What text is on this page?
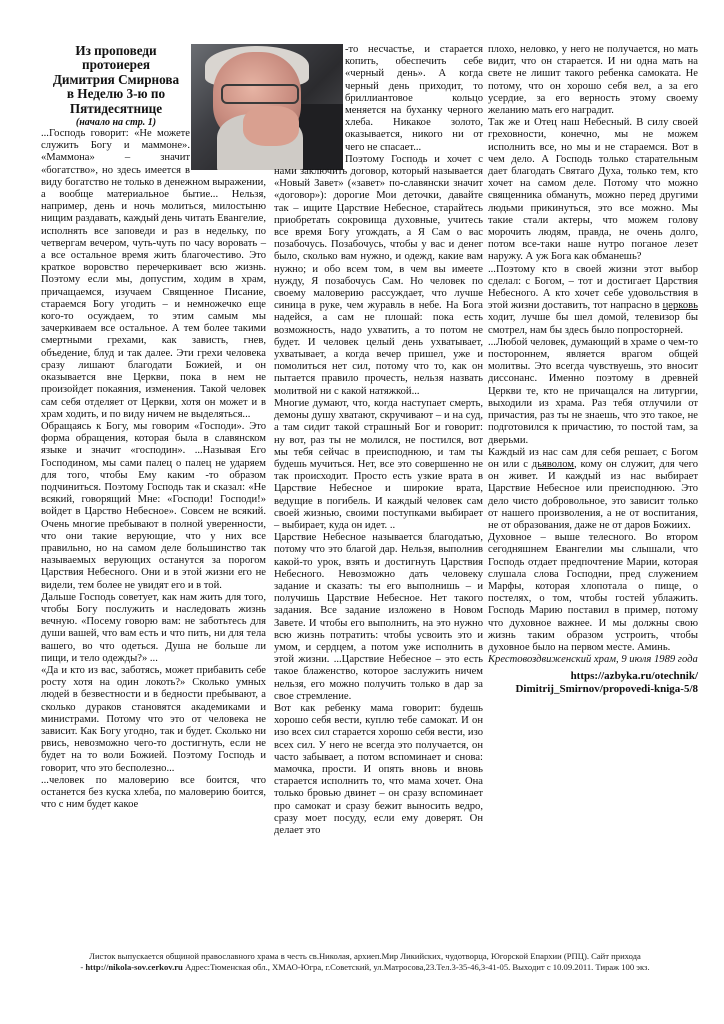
Из проповеди
протоиерея
Димитрия Смирнова
в Неделю 3-ю по
Пятидесятнице
(начало на стр. 1)

...Господь говорит: «Не можете служить Богу и маммоне». «Маммона» – значит «богатство», но здесь имеется в виду богатство не только в денежном выражении, а вообще материальное бытие... Нельзя, например, день и ночь молиться, милостыню нищим раздавать, каждый день читать Евангелие, исполнять все заповеди и раз в недельку, по четвергам вечером, чуть-чуть по часу воровать – а все остальное время жить благочестиво. Это краткое воровство перечеркивает всю жизнь. Поэтому если мы, допустим, ходим в храм, причащаемся, изучаем Священное Писание, стараемся Богу угодить – и немножечко еще кого-то осуждаем, то этим самым мы зачеркиваем все остальное. А тем более такими смертными грехами, как зависть, гнев, объедение, блуд и так далее. Эти грехи человека сразу лишают благодати Божией, и он оказывается вне Церкви, пока в нем не произойдет покаяния, изменения. Такой человек сам себя отделяет от Церкви, хотя он может и в храм ходить, и по виду ничем не выделяться...

Обращаясь к Богу, мы говорим «Господи». Это форма обращения, которая была в славянском языке и значит «господин». ...Называя Его Господином, мы сами палец о палец не ударяем для того, чтобы Ему каким -то образом подчиниться. Поэтому Господь так и сказал: «Не всякий, говорящий Мне: «Господи! Господи!» войдет в Царство Небесное». Совсем не всякий. Очень многие пребывают в полной уверенности, что они такие верующие, что у них все правильно, но на самом деле большинство так называемых верующих останутся за порогом Царствия Небесного. Они и в этой жизни его не видели, тем более не увидят его и в той.

Дальше Господь советует, как нам жить для того, чтобы Богу послужить и наследовать жизнь вечную. «Посему говорю вам: не заботьтесь для души вашей, что вам есть и что пить, ни для тела вашего, во что одеться. Душа не больше ли пищи, и тело одежды?» ...

«Да и кто из вас, заботясь, может прибавить себе росту хотя на один локоть?» Сколько умных людей в безвестности и в бедности пребывают, а сколько дураков становятся академиками и министрами. Потому что это от человека не зависит. Как Богу угодно, так и будет. Сколько ни рвись, невозможно чего-то достигнуть, если не будет на то воли Божией. Поэтому Господь и говорит, что это бесполезно...

...человек по маловерию все боится, что останется без куска хлеба, по маловерию боится, что с ним будет какое

-то несчастье, и старается копить, обеспечить себе «черный день». А когда черный день приходит, то бриллиантовое кольцо меняется на буханку черного хлеба. Никакое золото, оказывается, никого ни от чего не спасает...

Поэтому Господь и хочет с нами заключить договор, который называется «Новый Завет» («завет» по-славянски значит «договор»): дорогие Мои деточки, давайте так – ищите Царствие Небесное, старайтесь приобретать сокровища духовные, учитесь все время Богу угождать, а Я Сам о вас позабочусь. Позабочусь, чтобы у вас и денег было, сколько вам нужно, и одежд, какие вам нужно; и обо всем том, в чем вы имеете нужду, Я позабочусь Сам. Но человек по своему маловерию рассуждает, что лучше синица в руке, чем журавль в небе. На Бога надейся, а сам не плошай: пока есть возможность, надо ухватить, а то потом не будет. И человек целый день ухватывает, ухватывает, а когда вечер пришел, уже и помолиться нет сил, потому что то, как он пытается правило прочесть, нельзя назвать молитвой ни с какой натяжкой...

Многие думают, что, когда наступает смерть, демоны душу хватают, скручивают – и на суд, а там сидит такой страшный Бог и говорит: ну вот, раз ты не молился, не постился, вот мы тебя сейчас в преисподнюю, и там ты будешь мучиться. Нет, все это совершенно не так происходит. Просто есть узкие врата в Царствие Небесное и широкие врата, ведущие в погибель. И каждый человек сам своей жизнью, своими поступками выбирает – выбирает, куда он идет. ..

Царствие Небесное называется благодатью, потому что это благой дар. Нельзя, выполнив какой-то урок, взять и достигнуть Царствия Небесного. Невозможно дать человеку задание и сказать: ты его выполнишь – и получишь Царствие Небесное. Нет такого задания. Все задание изложено в Новом Завете. И чтобы его выполнить, на это нужно всю жизнь потратить: чтобы усвоить это и умом, и сердцем, а потом уже исполнить в этой жизни. ...Царствие Небесное – это есть такое блаженство, которое заслужить ничем нельзя, его можно получить только в дар за свое стремление.

Вот как ребенку мама говорит: будешь хорошо себя вести, куплю тебе самокат. И он изо всех сил старается хорошо себя вести, изо всех сил. У него не всегда это получается, он часто забывает, а потом вспоминает и снова: мамочка, прости. И опять вновь и вновь старается исполнить то, что мама хочет. Она только бровью двинет – он сразу вспоминает про самокат и сразу бежит выносить ведро, сразу моет посуду, если ему доверят. Он делает это

плохо, неловко, у него не получается, но мать видит, что он старается. И ни одна мать на свете не лишит такого ребенка самоката. Не потому, что он хорошо себя вел, а за его усердие, за его верность этому своему желанию мать его наградит.

Так же и Отец наш Небесный. В силу своей греховности, конечно, мы не можем исполнить все, но мы и не стараемся. Вот в чем дело. А Господь только старательным дает благодать Святаго Духа, только тем, кто хочет на самом деле. Потому что можно священника обмануть, можно перед другими людьми прикинуться, это все можно. Мы такие стали актеры, что можем голову морочить людям, правда, не очень долго, потом все-таки наше нутро поганое лезет наружу. А уж Бога как обманешь?

...Поэтому кто в своей жизни этот выбор сделал: с Богом, – тот и достигает Царствия Небесного. А кто хочет себе удовольствия в этой жизни доставить, тот напрасно в церковь ходит, лучше бы шел домой, телевизор бы смотрел, нам бы здесь было попросторней.

...Любой человек, думающий в храме о чем-то постороннем, является врагом общей молитвы. Это всегда чувствуешь, это вносит диссонанс. Именно поэтому в древней Церкви те, кто не причащался на литургии, выходили из храма. Раз тебя отлучили от причастия, раз ты не знаешь, что это такое, не подготовился к причастию, то постой там, за дверьми.

Каждый из нас сам для себя решает, с Богом он или с дьяволом, кому он служит, для чего он живет. И каждый из нас выбирает Царствие Небесное или преисподнюю. Это дело чисто добровольное, это зависит только от нашего произволения, а не от воспитания, не от образования, даже не от даров Божиих.

Духовное – выше телесного. Во втором сегодняшнем Евангелии мы слышали, что Господь отдает предпочтение Марии, которая слушала слова Господни, пред служением Марфы, которая хлопотала о пище, о постелях, о том, чтобы гостей ублажить. Господь Марию поставил в пример, потому что духовное важнее. И мы должны свою жизнь таким образом устроить, чтобы духовное было на первом месте. Аминь.

Крестовоздвиженский храм, 9 июля 1989 года

https://azbyka.ru/otechnik/
Dimitrij_Smirnov/propovedi-kniga-5/8
Листок выпускается общиной православного храма в честь св.Николая, архиеп.Мир Ликийских, чудотворца, Югорской Епархии (РПЦ). Сайт прихода
- http://nikola-sov.cerkov.ru Адрес:Тюменская обл., ХМАО-Югра, г.Советский, ул.Матросова,23.Тел.3-35-46,3-41-05. Выходит с 10.09.2011. Тираж 100 экз.
